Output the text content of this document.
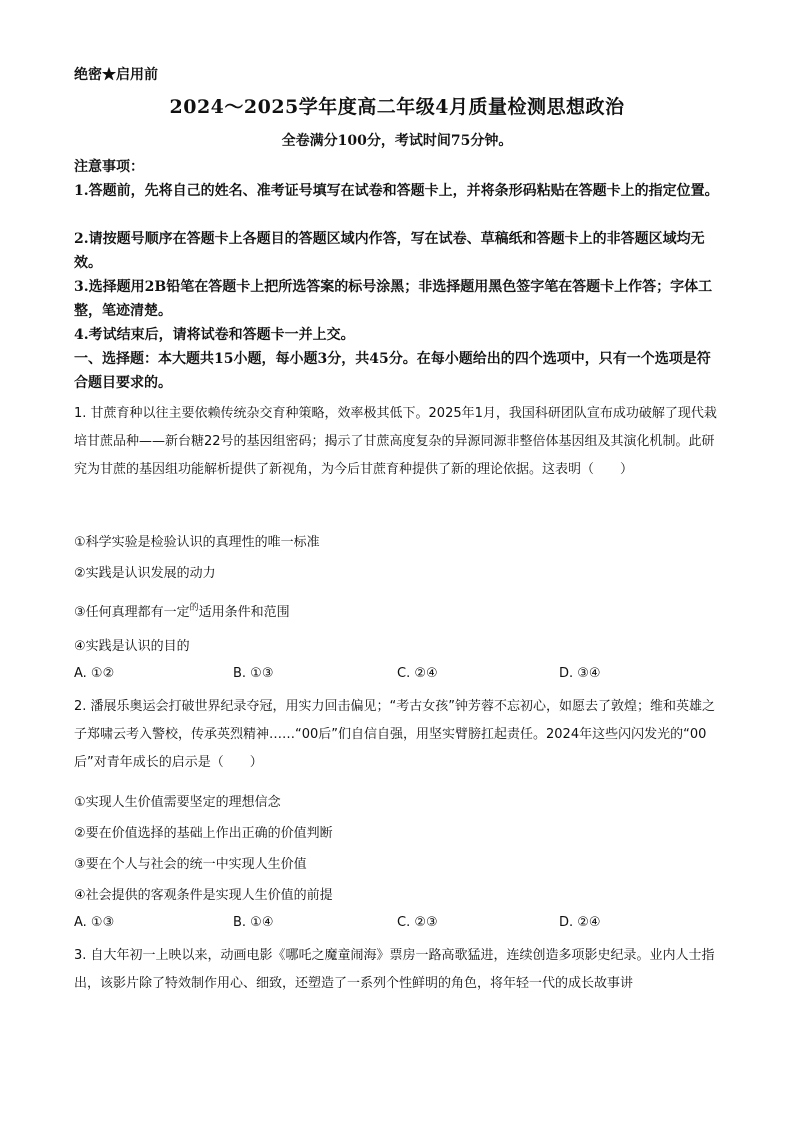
绝密★启用前
2024～2025学年度高二年级4月质量检测思想政治
全卷满分100分，考试时间75分钟。
注意事项：
1.答题前，先将自己的姓名、准考证号填写在试卷和答题卡上，并将条形码粘贴在答题卡上的指定位置。
2.请按题号顺序在答题卡上各题目的答题区域内作答，写在试卷、草稿纸和答题卡上的非答题区域均无效。
3.选择题用2B铅笔在答题卡上把所选答案的标号涂黑；非选择题用黑色签字笔在答题卡上作答；字体工整，笔迹清楚。
4.考试结束后，请将试卷和答题卡一并上交。
一、选择题：本大题共15小题，每小题3分，共45分。在每小题给出的四个选项中，只有一个选项是符合题目要求的。
1. 甘蔗育种以往主要依赖传统杂交育种策略，效率极其低下。2025年1月，我国科研团队宣布成功破解了现代栽培甘蔗品种——新台糖22号的基因组密码；揭示了甘蔗高度复杂的异源同源非整倍体基因组及其演化机制。此研究为甘蔗的基因组功能解析提供了新视角，为今后甘蔗育种提供了新的理论依据。这表明（　　）
①科学实验是检验认识的真理性的唯一标准
②实践是认识发展的动力
③任何真理都有一定$^的$适用条件和范围
④实践是认识的目的
A. ①②	B. ①③	C. ②④	D. ③④
2. 潘展乐奥运会打破世界纪录夺冠，用实力回击偏见；“考古女孩”钟芳蓉不忘初心，如愿去了敦煌；维和英雄之子郑啸云考入警校，传承英烈精神……“00后”们自信自强，用坚实臂膀扛起责任。2024年这些闪闪发光的“00后”对青年成长的启示是（　　）
①实现人生价值需要坚定的理想信念
②要在价值选择的基础上作出正确的价值判断
③要在个人与社会的统一中实现人生价值
④社会提供的客观条件是实现人生价值的前提
A. ①③	B. ①④	C. ②③	D. ②④
3. 自大年初一上映以来，动画电影《哪吒之魔童闹海》票房一路高歌猛进，连续创造多项影史纪录。业内人士指出，该影片除了特效制作用心、细致，还塑造了一系列个性鲜明的角色，将年轻一代的成长故事讲
